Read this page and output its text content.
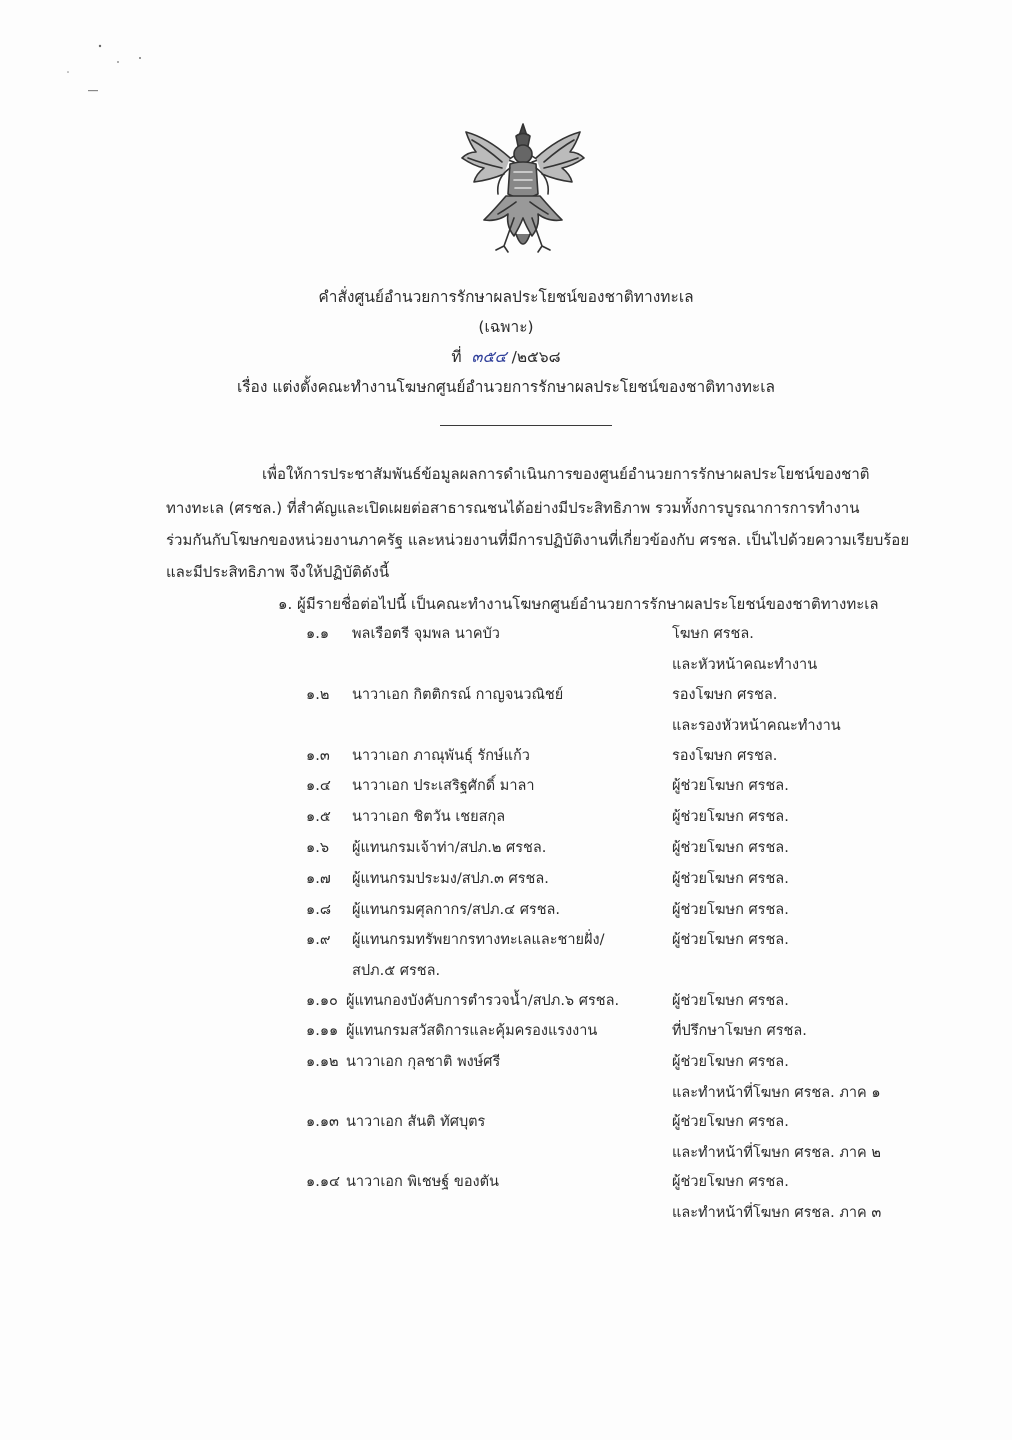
คำสั่งศูนย์อำนวยการรักษาผลประโยชน์ของชาติทางทะเล
(เฉพาะ)
ที่ ๓๕๔ /๒๕๖๘
เรื่อง แต่งตั้งคณะทำงานโฆษกศูนย์อำนวยการรักษาผลประโยชน์ของชาติทางทะเล
เพื่อให้การประชาสัมพันธ์ข้อมูลผลการดำเนินการของศูนย์อำนวยการรักษาผลประโยชน์ของชาติ
ทางทะเล (ศรชล.) ที่สำคัญและเปิดเผยต่อสาธารณชนได้อย่างมีประสิทธิภาพ รวมทั้งการบูรณาการการทำงาน
ร่วมกันกับโฆษกของหน่วยงานภาครัฐ และหน่วยงานที่มีการปฏิบัติงานที่เกี่ยวข้องกับ ศรชล. เป็นไปด้วยความเรียบร้อย
และมีประสิทธิภาพ จึงให้ปฏิบัติดังนี้
๑. ผู้มีรายชื่อต่อไปนี้ เป็นคณะทำงานโฆษกศูนย์อำนวยการรักษาผลประโยชน์ของชาติทางทะเล
๑.๑ พลเรือตรี จุมพล นาคบัว	โฆษก ศรชล.
และหัวหน้าคณะทำงาน
๑.๒ นาวาเอก กิตติกรณ์ กาญจนวณิชย์	รองโฆษก ศรชล.
และรองหัวหน้าคณะทำงาน
๑.๓ นาวาเอก ภาณุพันธุ์ รักษ์แก้ว	รองโฆษก ศรชล.
๑.๔ นาวาเอก ประเสริฐศักดิ์ มาลา	ผู้ช่วยโฆษก ศรชล.
๑.๕ นาวาเอก ชิตวัน เชยสกุล	ผู้ช่วยโฆษก ศรชล.
๑.๖ ผู้แทนกรมเจ้าท่า/สปภ.๒ ศรชล.	ผู้ช่วยโฆษก ศรชล.
๑.๗ ผู้แทนกรมประมง/สปภ.๓ ศรชล.	ผู้ช่วยโฆษก ศรชล.
๑.๘ ผู้แทนกรมศุลกากร/สปภ.๔ ศรชล.	ผู้ช่วยโฆษก ศรชล.
๑.๙ ผู้แทนกรมทรัพยากรทางทะเลและชายฝั่ง/	ผู้ช่วยโฆษก ศรชล.
สปภ.๕ ศรชล.
๑.๑๐ ผู้แทนกองบังคับการตำรวจน้ำ/สปภ.๖ ศรชล.	ผู้ช่วยโฆษก ศรชล.
๑.๑๑ ผู้แทนกรมสวัสดิการและคุ้มครองแรงงาน	ที่ปรึกษาโฆษก ศรชล.
๑.๑๒ นาวาเอก กุลชาติ พงษ์ศรี	ผู้ช่วยโฆษก ศรชล.
และทำหน้าที่โฆษก ศรชล. ภาค ๑
๑.๑๓ นาวาเอก สันติ ทัศบุตร	ผู้ช่วยโฆษก ศรชล.
และทำหน้าที่โฆษก ศรชล. ภาค ๒
๑.๑๔ นาวาเอก พิเชษฐ์ ของตัน	ผู้ช่วยโฆษก ศรชล.
และทำหน้าที่โฆษก ศรชล. ภาค ๓
